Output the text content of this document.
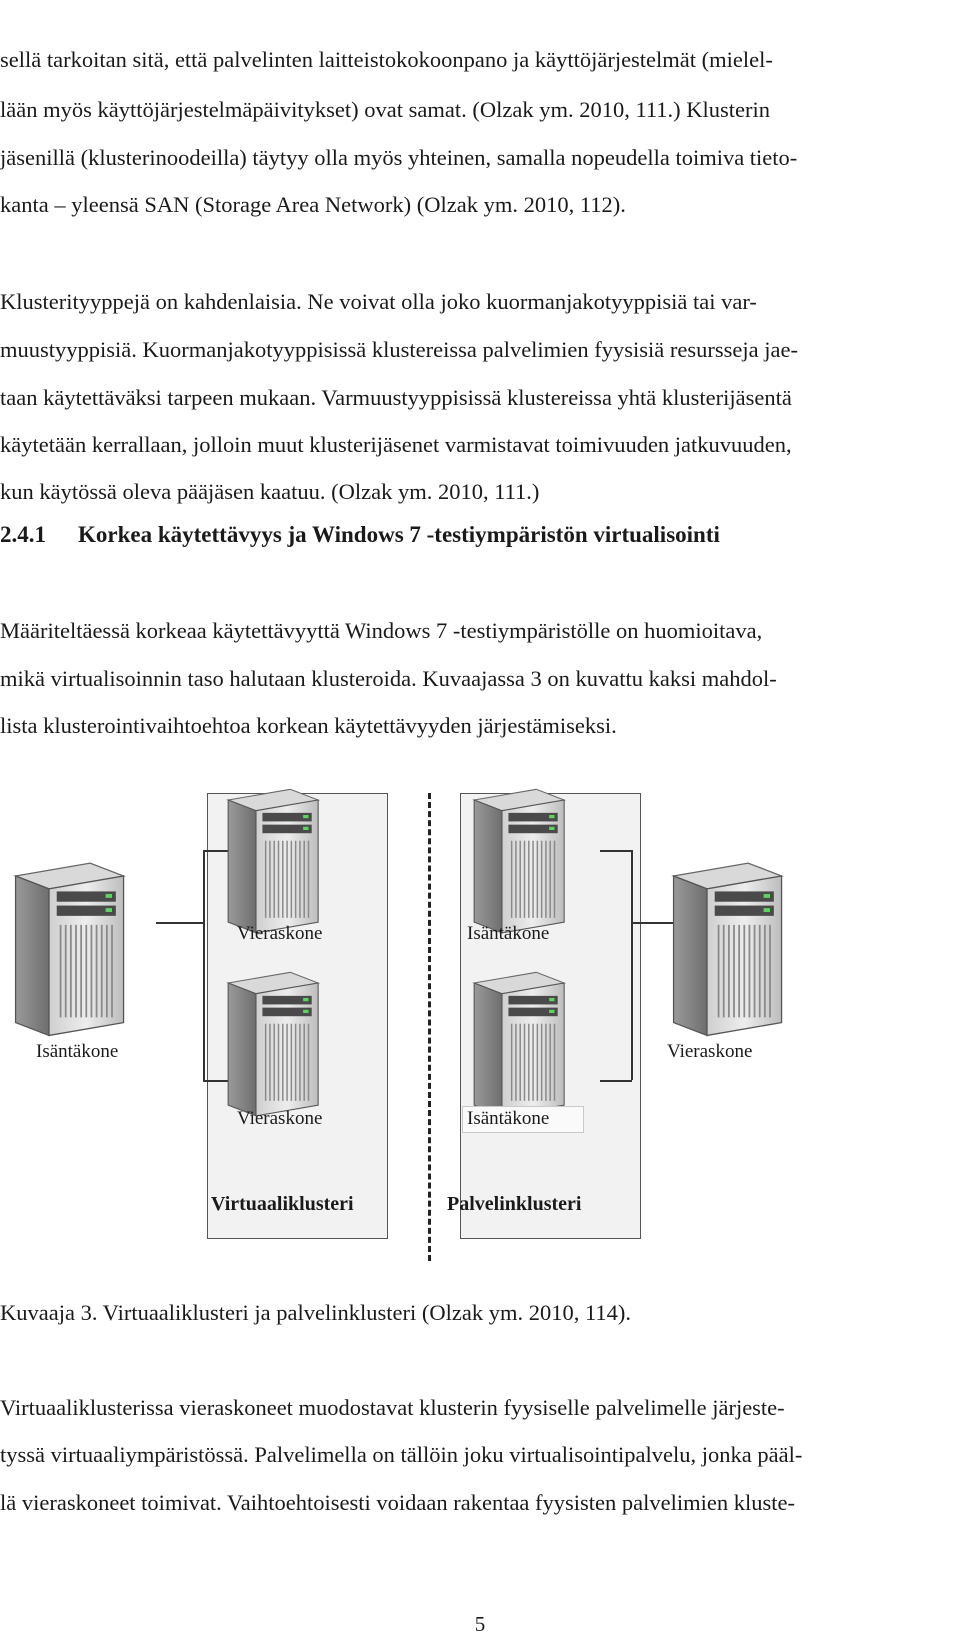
sellä tarkoitan sitä, että palvelinten laitteistokokoonpano ja käyttöjärjestelmät (mielel-
lään myös käyttöjärjestelmäpäivitykset) ovat samat. (Olzak ym. 2010, 111.) Klusterin
jäsenillä (klusterinoodeilla) täytyy olla myös yhteinen, samalla nopeudella toimiva tieto-
kanta – yleensä SAN (Storage Area Network) (Olzak ym. 2010, 112).
Klusterityyppejä on kahdenlaisia. Ne voivat olla joko kuormanjakotyyppisiä tai var-
muustyyppisiä. Kuormanjakotyyppisissä klustereissa palvelimien fyysisiä resursseja jae-
taan käytettäväksi tarpeen mukaan. Varmuustyyppisissä klustereissa yhtä klusterijäsentä
käytetään kerrallaan, jolloin muut klusterijäsenet varmistavat toimivuuden jatkuvuuden,
kun käytössä oleva pääjäsen kaatuu. (Olzak ym. 2010, 111.)
2.4.1 Korkea käytettävyys ja Windows 7 -testiympäristön virtualisointi
Määriteltäessä korkeaa käytettävyyttä Windows 7 -testiympäristölle on huomioitava,
mikä virtualisoinnin taso halutaan klusteroida. Kuvaajassa 3 on kuvattu kaksi mahdol-
lista klusterointivaihtoehtoa korkean käytettävyyden järjestämiseksi.
Isäntäkone
Vieraskone
Vieraskone
Isäntäkone
Isäntäkone
Vieraskone
Virtuaaliklusteri	Palvelinklusteri
Kuvaaja 3. Virtuaaliklusteri ja palvelinklusteri (Olzak ym. 2010, 114).
Virtuaaliklusterissa vieraskoneet muodostavat klusterin fyysiselle palvelimelle järjeste-
tyssä virtuaaliympäristössä. Palvelimella on tällöin joku virtualisointipalvelu, jonka pääl-
lä vieraskoneet toimivat. Vaihtoehtoisesti voidaan rakentaa fyysisten palvelimien kluste-
5
